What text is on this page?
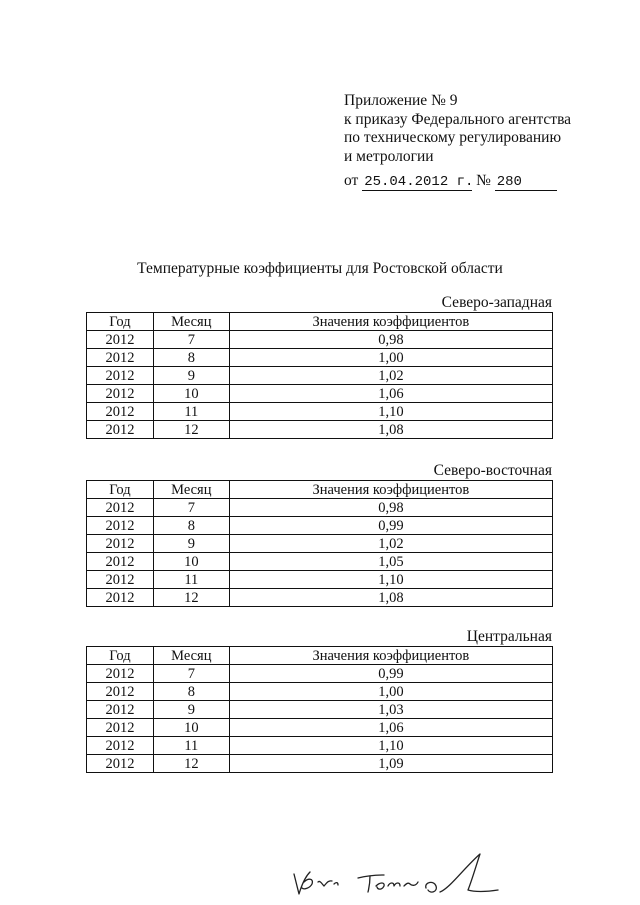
Приложение № 9
к приказу Федерального агентства
по техническому регулированию
и метрологии
от 25.04.2012 г. № 280
Температурные коэффициенты для Ростовской области
Северо-западная
Год	Месяц	Значения коэффициентов
2012	7	0,98
2012	8	1,00
2012	9	1,02
2012	10	1,06
2012	11	1,10
2012	12	1,08
Северо-восточная
Год	Месяц	Значения коэффициентов
2012	7	0,98
2012	8	0,99
2012	9	1,02
2012	10	1,05
2012	11	1,10
2012	12	1,08
Центральная
Год	Месяц	Значения коэффициентов
2012	7	0,99
2012	8	1,00
2012	9	1,03
2012	10	1,06
2012	11	1,10
2012	12	1,09
